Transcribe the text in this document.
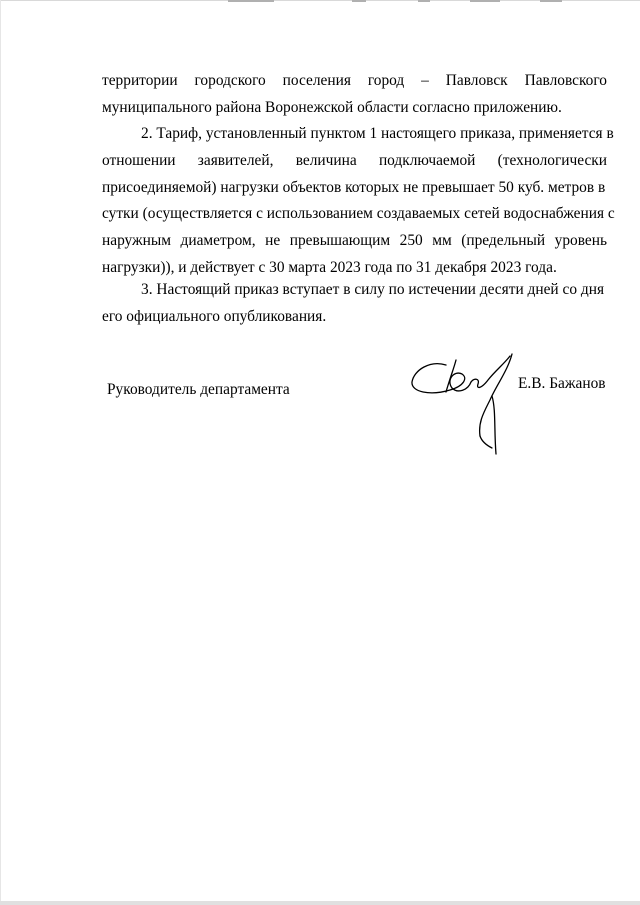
территории городского поселения город – Павловск Павловского
муниципального района Воронежской области согласно приложению.
2. Тариф, установленный пунктом 1 настоящего приказа, применяется в
отношении заявителей, величина подключаемой (технологически
присоединяемой) нагрузки объектов которых не превышает 50 куб. метров в
сутки (осуществляется с использованием создаваемых сетей водоснабжения с
наружным диаметром, не превышающим 250 мм (предельный уровень
нагрузки)), и действует с 30 марта 2023 года по 31 декабря 2023 года.
3. Настоящий приказ вступает в силу по истечении десяти дней со дня
его официального опубликования.
Руководитель департамента	Е.В. Бажанов
